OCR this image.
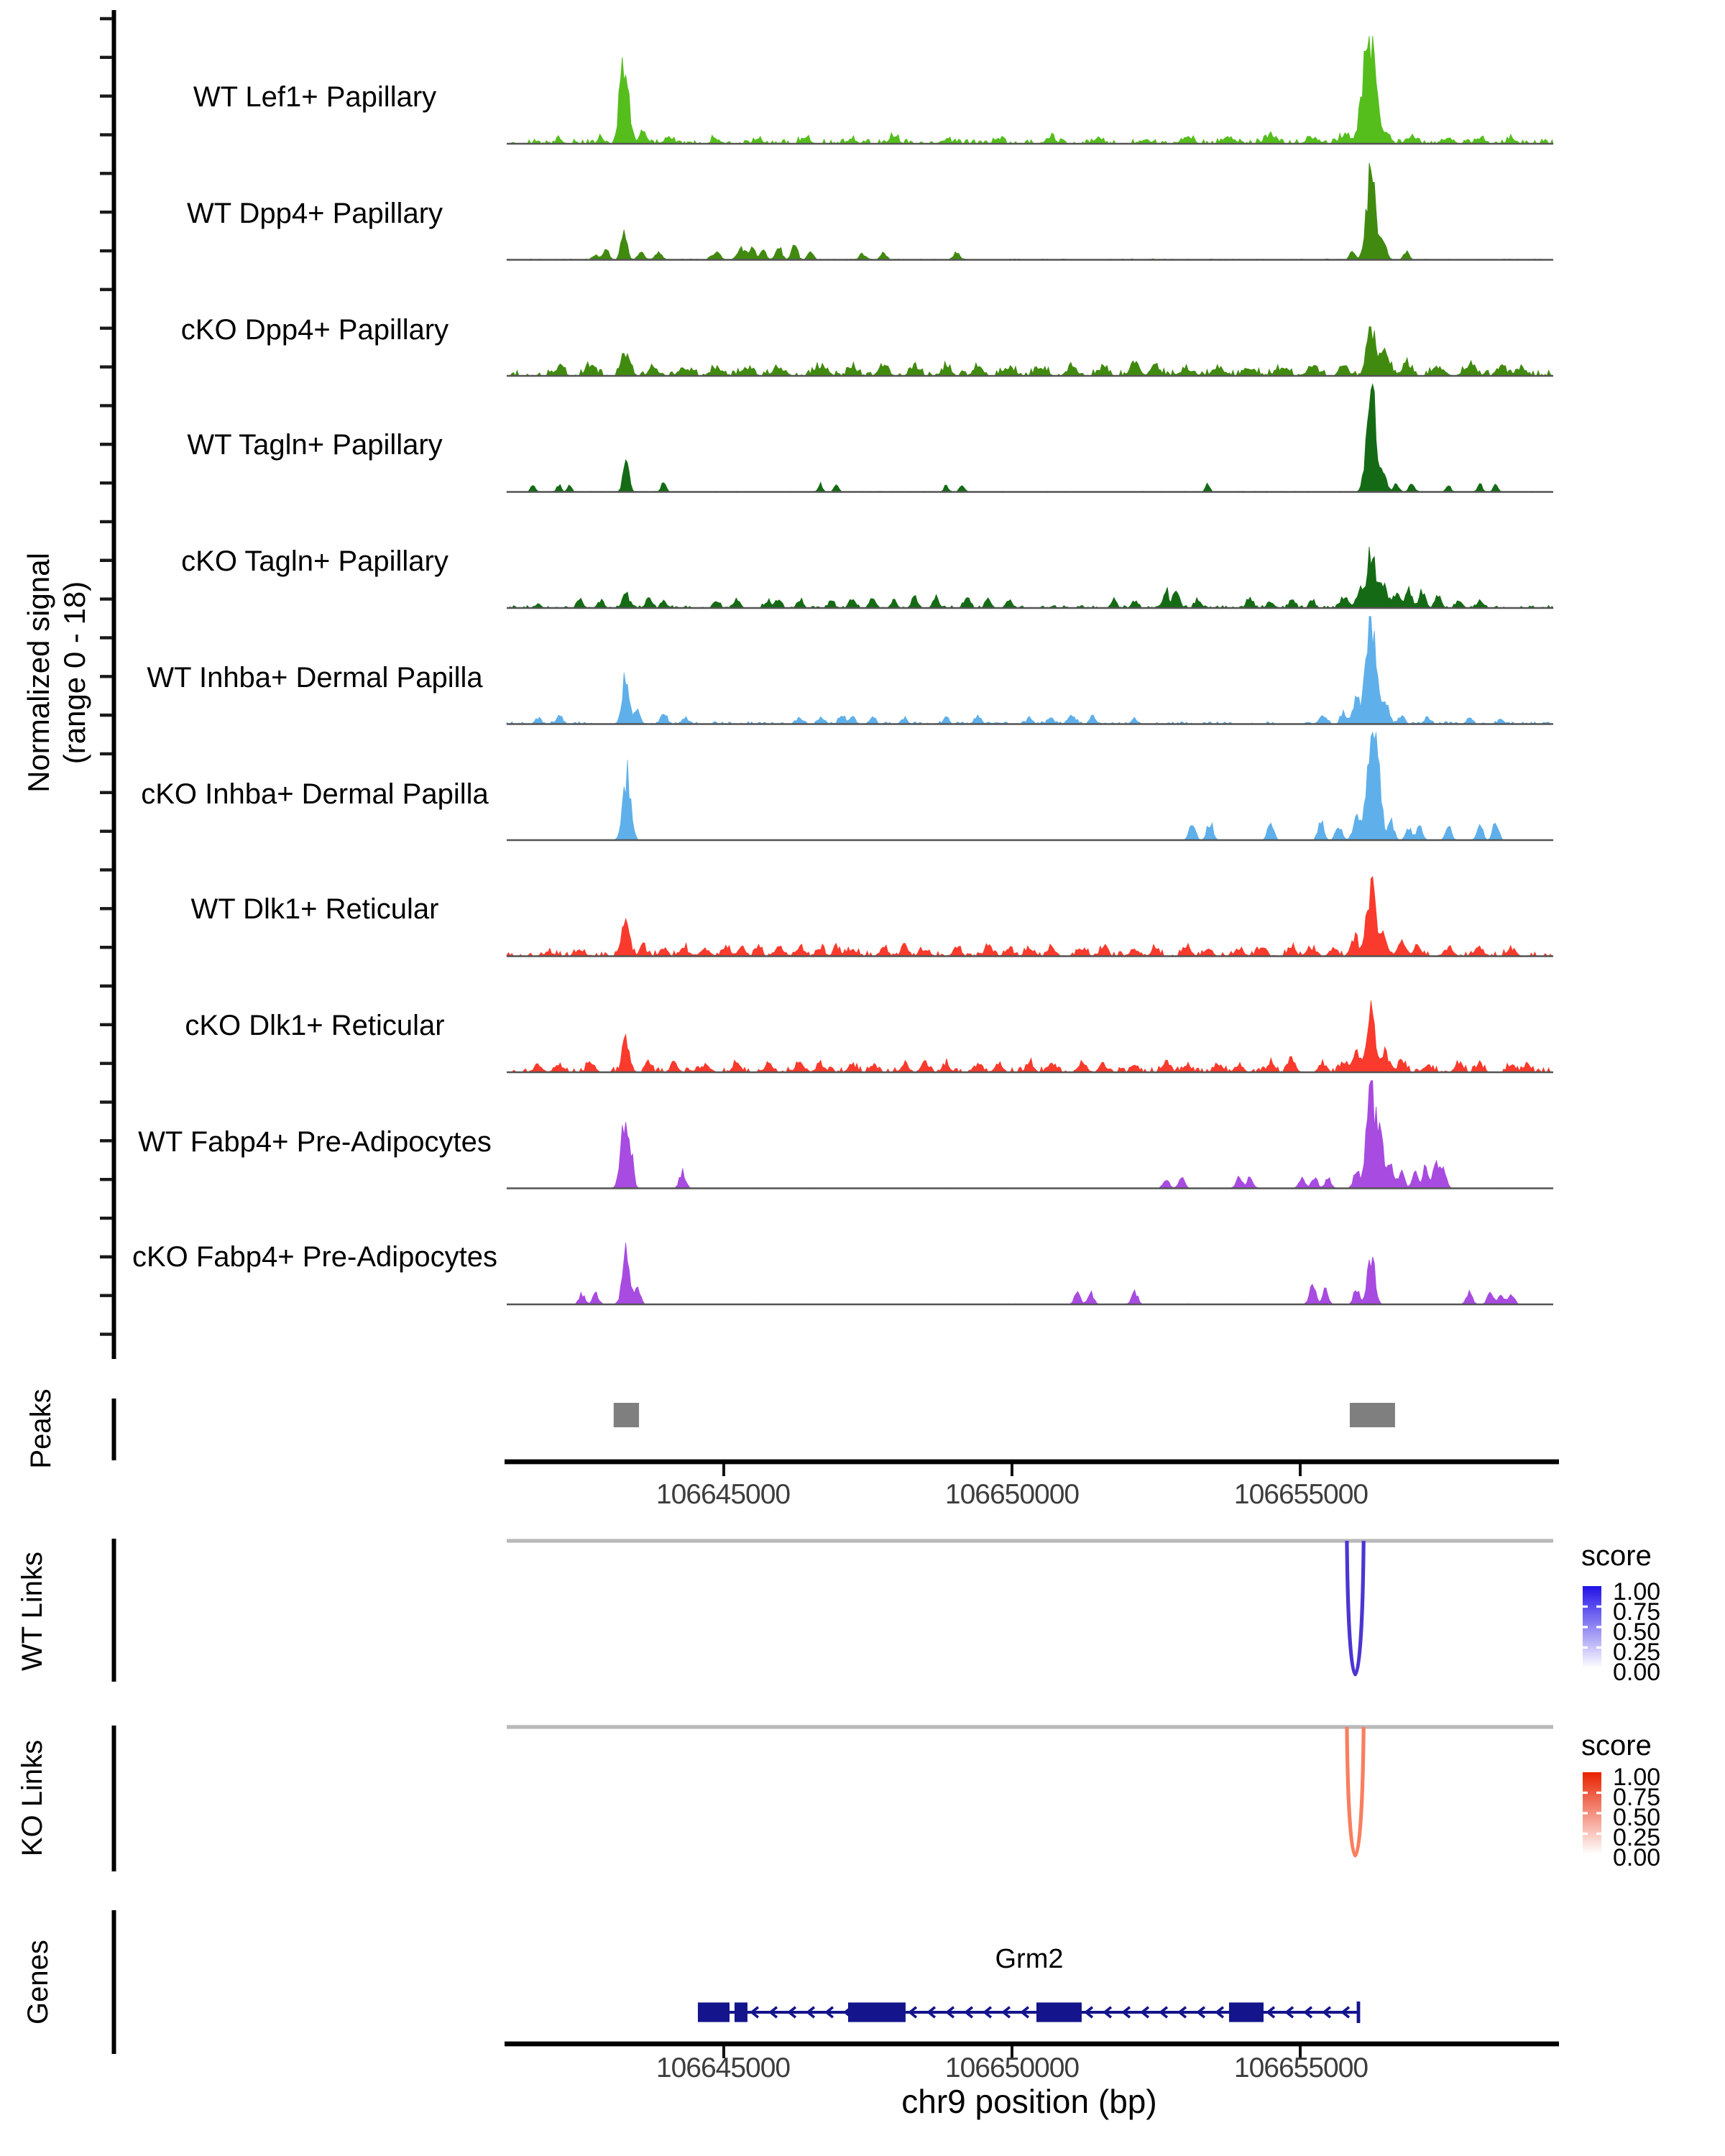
Normalized signal (range 0 - 18)
WT Lef1+ Papillary
WT Dpp4+ Papillary
cKO Dpp4+ Papillary
WT Tagln+ Papillary
cKO Tagln+ Papillary
WT Inhba+ Dermal Papilla
cKO Inhba+ Dermal Papilla
WT Dlk1+ Reticular
cKO Dlk1+ Reticular
WT Fabp4+ Pre-Adipocytes
cKO Fabp4+ Pre-Adipocytes
Peaks
WT Links
KO Links
Genes
106645000	106650000	106655000
106645000	106650000	106655000
score
1.00
0.75
0.50
0.25
0.00
score
1.00
0.75
0.50
0.25
0.00
Grm2
chr9 position (bp)
